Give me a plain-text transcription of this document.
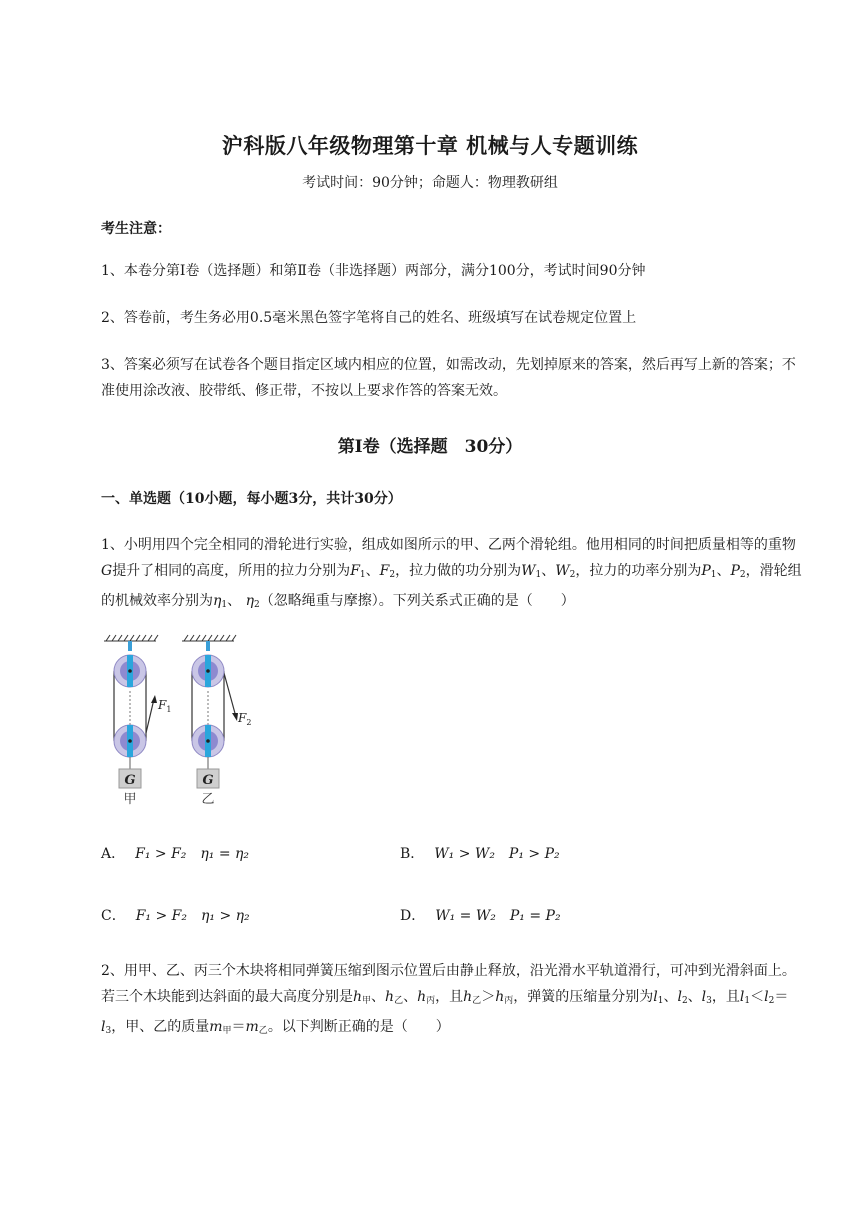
沪科版八年级物理第十章 机械与人专题训练
考试时间：90分钟；命题人：物理教研组
考生注意：
1、本卷分第Ⅰ卷（选择题）和第Ⅱ卷（非选择题）两部分，满分100分，考试时间90分钟
2、答卷前，考生务必用0.5毫米黑色签字笔将自己的姓名、班级填写在试卷规定位置上
3、答案必须写在试卷各个题目指定区域内相应的位置，如需改动，先划掉原来的答案，然后再写上新的答案；不准使用涂改液、胶带纸、修正带，不按以上要求作答的答案无效。
第Ⅰ卷（选择题　30分）
一、单选题（10小题，每小题3分，共计30分）
1、小明用四个完全相同的滑轮进行实验，组成如图所示的甲、乙两个滑轮组。他用相同的时间把质量相等的重物G提升了相同的高度，所用的拉力分别为$F_1$、$F_2$，拉力做的功分别为$W_1$、$W_2$，拉力的功率分别为$P_1$、$P_2$，滑轮组的机械效率分别为$\eta_1$、 $\eta_2$（忽略绳重与摩擦）。下列关系式正确的是（　　）
G
甲
$F_1$
G
乙
$F_2$
A． F₁ > F₂　η₁ = η₂	B． W₁ > W₂　P₁ > P₂
C． F₁ > F₂　η₁ > η₂	D． W₁ = W₂　P₁ = P₂
2、用甲、乙、丙三个木块将相同弹簧压缩到图示位置后由静止释放，沿光滑水平轨道滑行，可冲到光滑斜面上。若三个木块能到达斜面的最大高度分别是$h_甲$、$h_乙$、$h_丙$，且$h_乙>h_丙$，弹簧的压缩量分别为$l_1$、$l_2$、$l_3$，且$l_1<l_2=l_3$，甲、乙的质量$m_甲=m_乙$。以下判断正确的是（　　）
